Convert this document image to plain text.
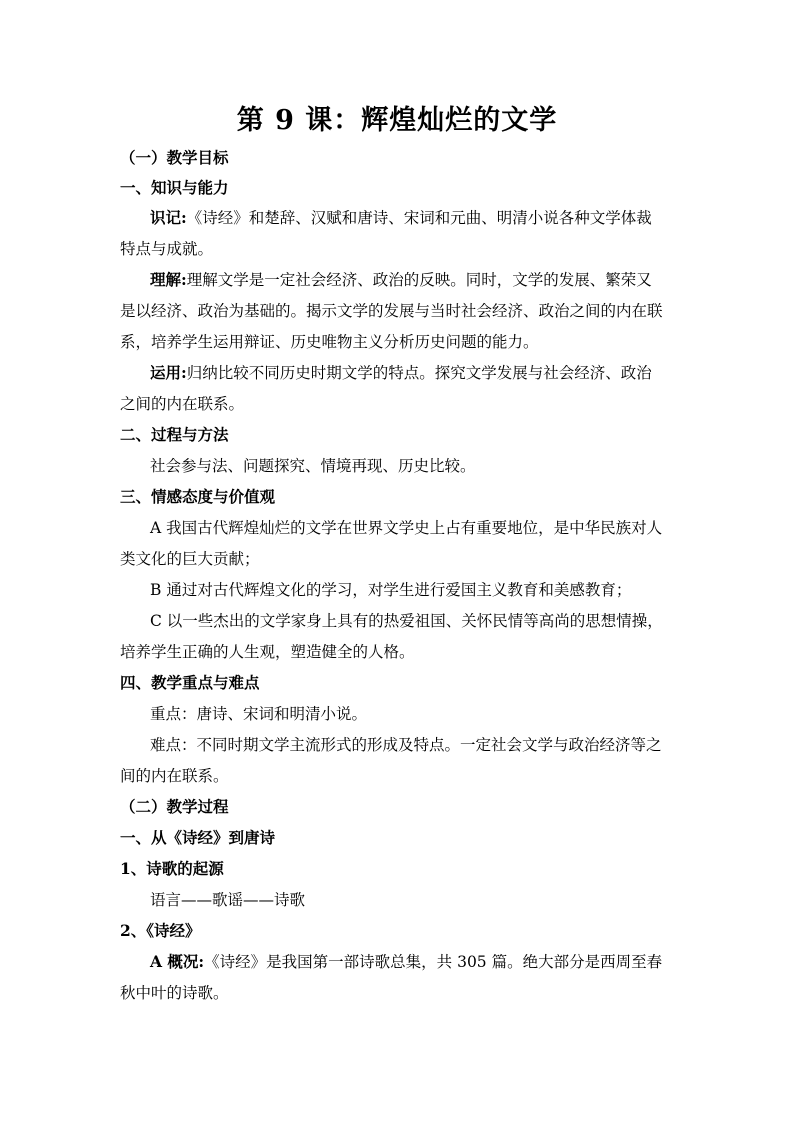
第 9 课：辉煌灿烂的文学
（一）教学目标
一、知识与能力
识记:《诗经》和楚辞、汉赋和唐诗、宋词和元曲、明清小说各种文学体裁
特点与成就。
理解:理解文学是一定社会经济、政治的反映。同时，文学的发展、繁荣又
是以经济、政治为基础的。揭示文学的发展与当时社会经济、政治之间的内在联
系，培养学生运用辩证、历史唯物主义分析历史问题的能力。
运用:归纳比较不同历史时期文学的特点。探究文学发展与社会经济、政治
之间的内在联系。
二、过程与方法
社会参与法、问题探究、情境再现、历史比较。
三、情感态度与价值观
A 我国古代辉煌灿烂的文学在世界文学史上占有重要地位，是中华民族对人
类文化的巨大贡献；
B 通过对古代辉煌文化的学习，对学生进行爱国主义教育和美感教育；
C 以一些杰出的文学家身上具有的热爱祖国、关怀民情等高尚的思想情操，
培养学生正确的人生观，塑造健全的人格。
四、教学重点与难点
重点：唐诗、宋词和明清小说。
难点：不同时期文学主流形式的形成及特点。一定社会文学与政治经济等之
间的内在联系。
（二）教学过程
一、从《诗经》到唐诗
1、诗歌的起源
语言——歌谣——诗歌
2、《诗经》
A 概况:《诗经》是我国第一部诗歌总集，共 305 篇。绝大部分是西周至春
秋中叶的诗歌。
